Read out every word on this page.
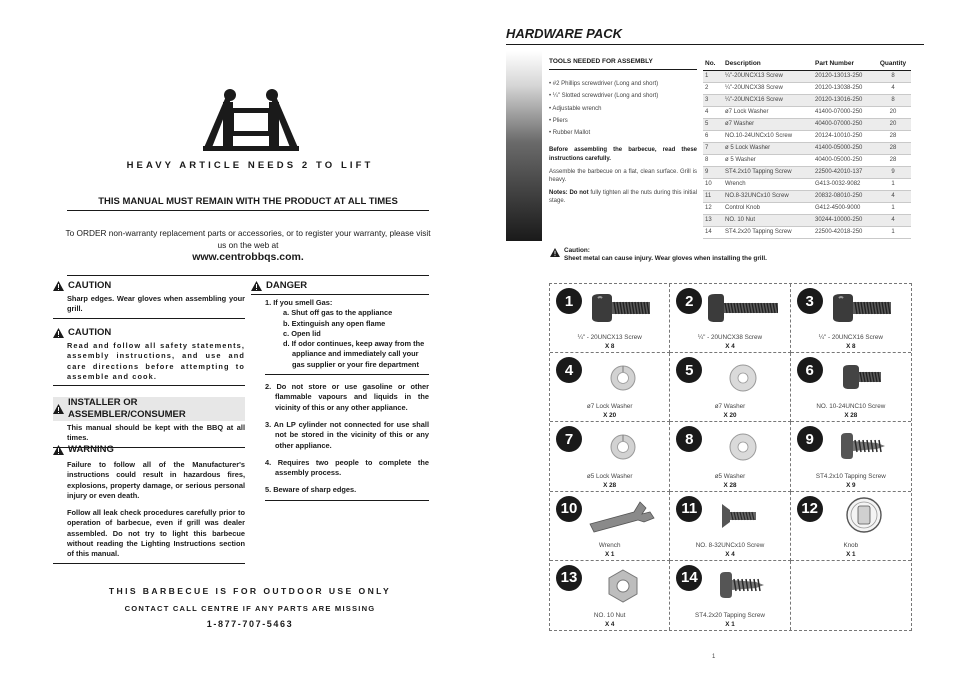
HEAVY ARTICLE NEEDS 2 TO LIFT
THIS MANUAL MUST REMAIN WITH THE PRODUCT AT ALL TIMES
To ORDER non-warranty replacement parts or accessories, or to register your warranty, please visit us on the web at
www.centrobbqs.com.
CAUTION
Sharp edges. Wear gloves when assembling your grill.
CAUTION
Read and follow all safety statements, assembly instructions, and use and care directions before attempting to assemble and cook.
INSTALLER OR ASSEMBLER/CONSUMER
This manual should be kept with the BBQ at all times.
WARNING

Failure to follow all of the Manufacturer's instructions could result in hazardous fires, explosions, property damage, or serious personal injury or even death.

Follow all leak check procedures carefully prior to operation of barbecue, even if grill was dealer assembled. Do not try to light this barbecue without reading the Lighting Instructions section of this manual.

DANGER
1. If you smell Gas:
a. Shut off gas to the appliance
b. Extinguish any open flame
c. Open lid
d. If odor continues, keep away from the appliance and immediately call your gas supplier or your fire department
2. Do not store or use gasoline or other flammable vapours and liquids in the vicinity of this or any other appliance.
3. An LP cylinder not connected for use shall not be stored in the vicinity of this or any other appliance.
4. Requires two people to complete the assembly process.
5. Beware of sharp edges.
THIS BARBECUE IS FOR OUTDOOR USE ONLY
CONTACT CALL CENTRE IF ANY PARTS ARE MISSING
1-877-707-5463
HARDWARE PACK
TOOLS NEEDED FOR ASSEMBLY
• #2 Phillips screwdriver (Long and short)
• ¼" Slotted screwdriver (Long and short)
• Adjustable wrench
• Pliers
• Rubber Mallot
Before assembling the barbecue, read these instructions carefully.
Assemble the barbecue on a flat, clean surface. Grill is heavy.
Notes: Do not fully tighten all the nuts during this initial stage.
No.	Description	Part Number	Quantity
1	¼"-20UNCX13 Screw	20120-13013-250	8
2	¼"-20UNCX38 Screw	20120-13038-250	4
3	¼"-20UNCX16 Screw	20120-13016-250	8
4	ø7 Lock Washer	41400-07000-250	20
5	ø7 Washer	40400-07000-250	20
6	NO.10-24UNCx10 Screw	20124-10010-250	28
7	ø 5 Lock Washer	41400-05000-250	28
8	ø 5 Washer	40400-05000-250	28
9	ST4.2x10 Tapping Screw	22500-42010-137	9
10	Wrench	G413-0032-9082	1
11	NO.8-32UNCx10 Screw	20832-08010-250	4
12	Control Knob	G412-4500-9000	1
13	NO. 10 Nut	30244-10000-250	4
14	ST4.2x20 Tapping Screw	22500-42018-250	1
Caution:
Sheet metal can cause injury. Wear gloves when installing the grill.
1
¼" - 20UNCX13 Screw
X 8
2
¼" - 20UNCX38 Screw
X 4
3
¼" - 20UNCX16 Screw
X 8
4
ø7 Lock Washer
X 20
5
ø7 Washer
X 20
6
NO. 10-24UNC10 Screw
X 28
7
ø5 Lock Washer
X 28
8
ø5 Washer
X 28
9
ST4.2x10 Tapping Screw
X 9
10
Wrench
X 1
11
NO. 8-32UNCx10 Screw
X 4
12
Knob
X 1
13
NO. 10 Nut
X 4
14
ST4.2x20 Tapping Screw
X 1
1
